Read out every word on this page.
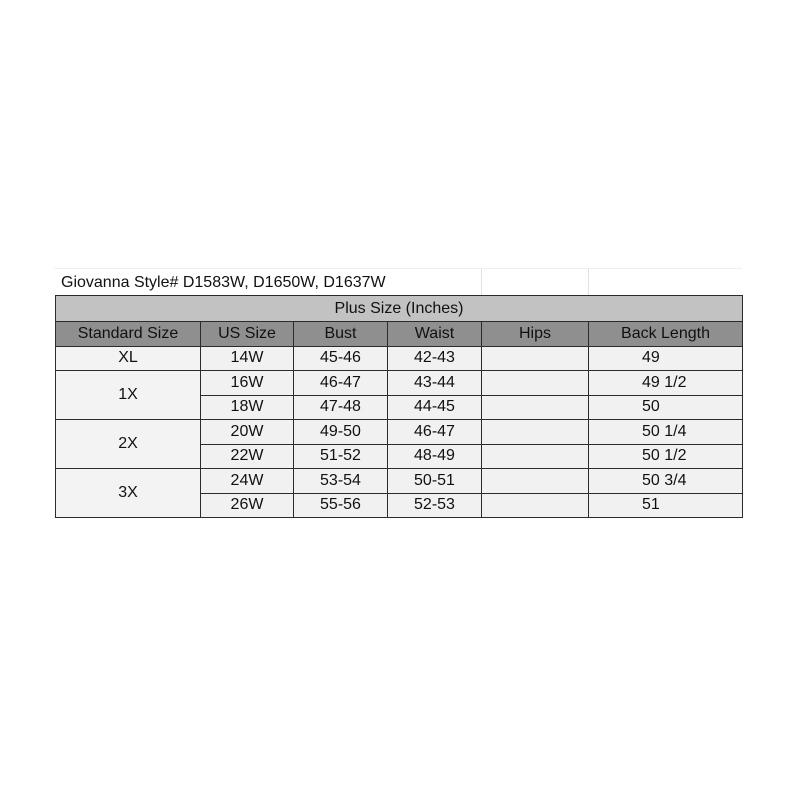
Giovanna Style# D1583W, D1650W, D1637W
Plus Size (Inches)					
Standard Size	US Size	Bust	Waist	Hips	Back Length
XL	14W	45-46	42-43		49
1X	16W	46-47	43-44		49 1/2
	18W	47-48	44-45		50
2X	20W	49-50	46-47		50 1/4
	22W	51-52	48-49		50 1/2
3X	24W	53-54	50-51		50 3/4
	26W	55-56	52-53		51
